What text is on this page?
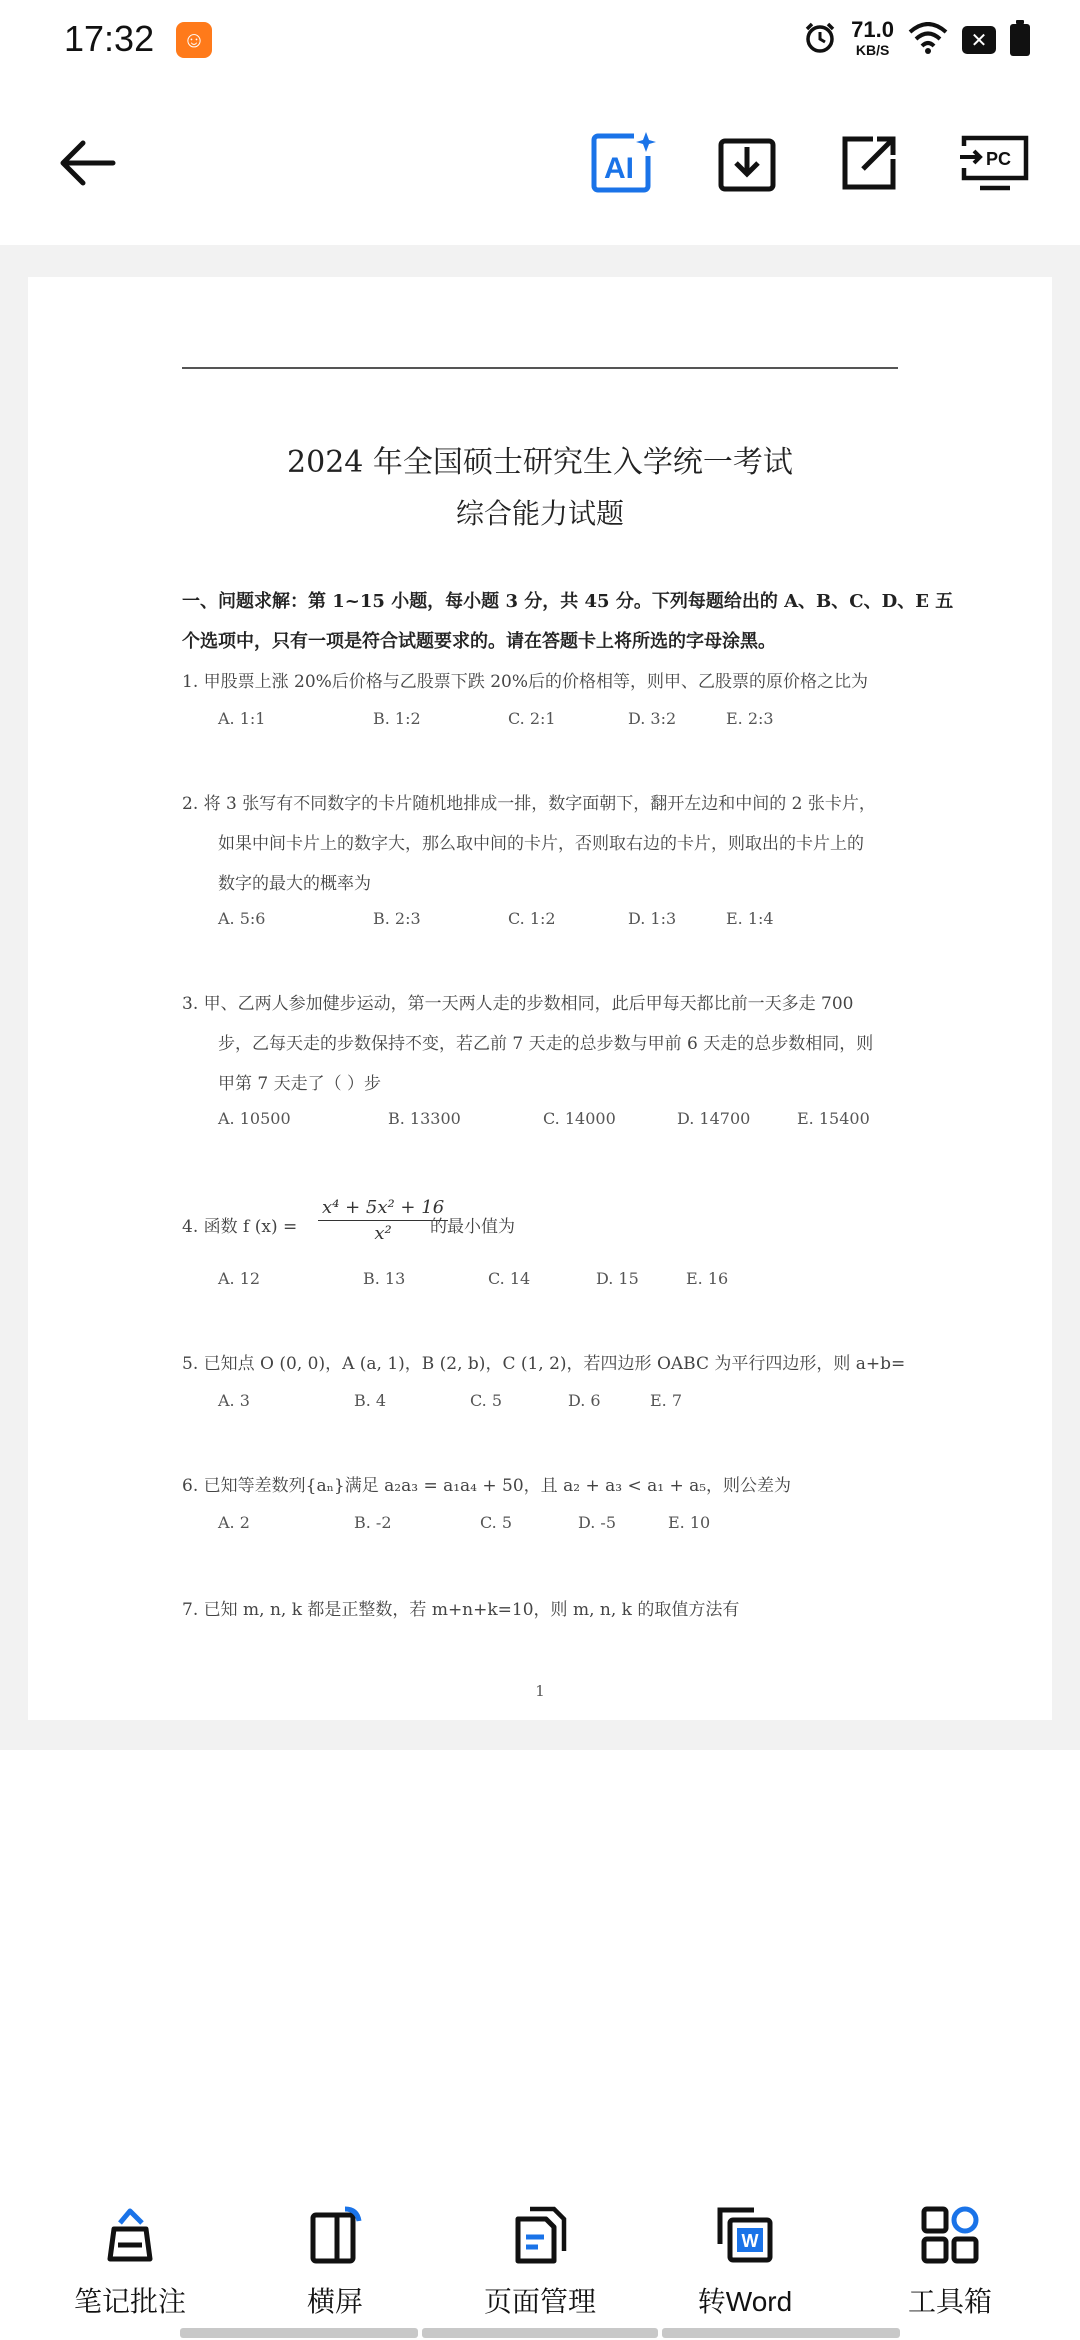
17:32	☺	71.0
KB/S	✕
AI	PC
2024 年全国硕士研究生入学统一考试
综合能力试题
一、问题求解：第 1~15 小题，每小题 3 分，共 45 分。下列每题给出的 A、B、C、D、E 五
个选项中，只有一项是符合试题要求的。请在答题卡上将所选的字母涂黑。
1. 甲股票上涨 20%后价格与乙股票下跌 20%后的价格相等，则甲、乙股票的原价格之比为
A. 1:1	B. 1:2	C. 2:1	D. 3:2	E. 2:3
2. 将 3 张写有不同数字的卡片随机地排成一排，数字面朝下，翻开左边和中间的 2 张卡片，
如果中间卡片上的数字大，那么取中间的卡片，否则取右边的卡片，则取出的卡片上的
数字的最大的概率为
A. 5:6	B. 2:3	C. 1:2	D. 1:3	E. 1:4
3. 甲、乙两人参加健步运动，第一天两人走的步数相同，此后甲每天都比前一天多走 700
步，乙每天走的步数保持不变，若乙前 7 天走的总步数与甲前 6 天走的总步数相同，则
甲第 7 天走了（ ）步
A. 10500	B. 13300	C. 14000	D. 14700	E. 15400
4. 函数 f (x) =	$\frac{\text{x⁴ + 5x² + 16}}{\text{x²}}$
的最小值为
A. 12	B. 13	C. 14	D. 15	E. 16
5. 已知点 O (0, 0)，A (a, 1)，B (2, b)，C (1, 2)，若四边形 OABC 为平行四边形，则 a+b=
A. 3	B. 4	C. 5	D. 6	E. 7
6. 已知等差数列{aₙ}满足 a₂a₃ = a₁a₄ + 50，且 a₂ + a₃ < a₁ + a₅，则公差为
A. 2	B. -2	C. 5	D. -5	E. 10
7. 已知 m, n, k 都是正整数，若 m+n+k=10，则 m, n, k 的取值方法有
1
笔记批注	横屏	页面管理
W
转Word	工具箱
